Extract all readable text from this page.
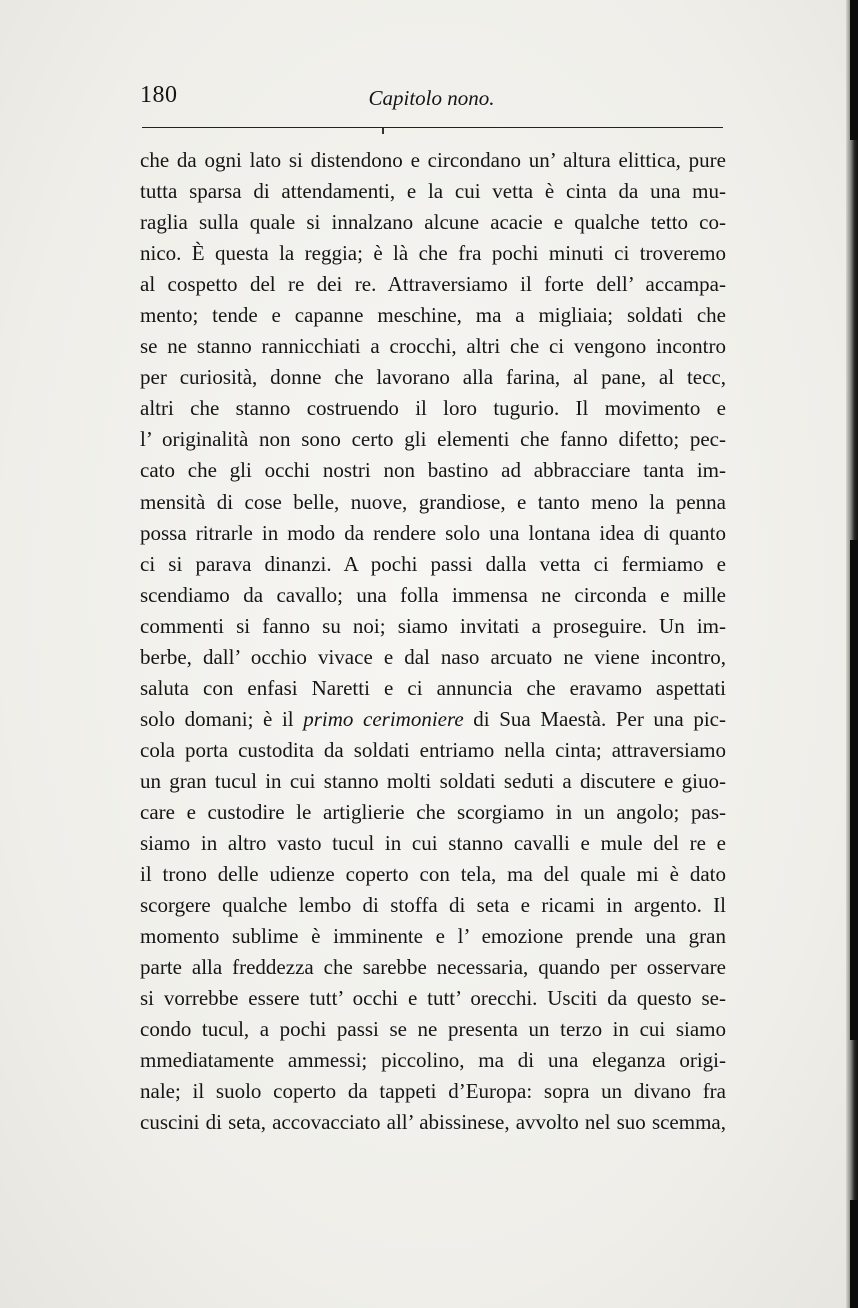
180	Capitolo nono.
che da ogni lato si distendono e circondano un’ altura elittica, pure
tutta sparsa di attendamenti, e la cui vetta è cinta da una mu-
raglia sulla quale si innalzano alcune acacie e qualche tetto co-
nico. È questa la reggia; è là che fra pochi minuti ci troveremo
al cospetto del re dei re. Attraversiamo il forte dell’ accampa-
mento; tende e capanne meschine, ma a migliaia; soldati che
se ne stanno rannicchiati a crocchi, altri che ci vengono incontro
per curiosità, donne che lavorano alla farina, al pane, al tecc,
altri che stanno costruendo il loro tugurio. Il movimento e
l’ originalità non sono certo gli elementi che fanno difetto; pec-
cato che gli occhi nostri non bastino ad abbracciare tanta im-
mensità di cose belle, nuove, grandiose, e tanto meno la penna
possa ritrarle in modo da rendere solo una lontana idea di quanto
ci si parava dinanzi. A pochi passi dalla vetta ci fermiamo e
scendiamo da cavallo; una folla immensa ne circonda e mille
commenti si fanno su noi; siamo invitati a proseguire. Un im-
berbe, dall’ occhio vivace e dal naso arcuato ne viene incontro,
saluta con enfasi Naretti e ci annuncia che eravamo aspettati
solo domani; è il primo cerimoniere di Sua Maestà. Per una pic-
cola porta custodita da soldati entriamo nella cinta; attraversiamo
un gran tucul in cui stanno molti soldati seduti a discutere e giuo-
care e custodire le artiglierie che scorgiamo in un angolo; pas-
siamo in altro vasto tucul in cui stanno cavalli e mule del re e
il trono delle udienze coperto con tela, ma del quale mi è dato
scorgere qualche lembo di stoffa di seta e ricami in argento. Il
momento sublime è imminente e l’ emozione prende una gran
parte alla freddezza che sarebbe necessaria, quando per osservare
si vorrebbe essere tutt’ occhi e tutt’ orecchi. Usciti da questo se-
condo tucul, a pochi passi se ne presenta un terzo in cui siamo
mmediatamente ammessi; piccolino, ma di una eleganza origi-
nale; il suolo coperto da tappeti d’Europa: sopra un divano fra
cuscini di seta, accovacciato all’ abissinese, avvolto nel suo scemma,
